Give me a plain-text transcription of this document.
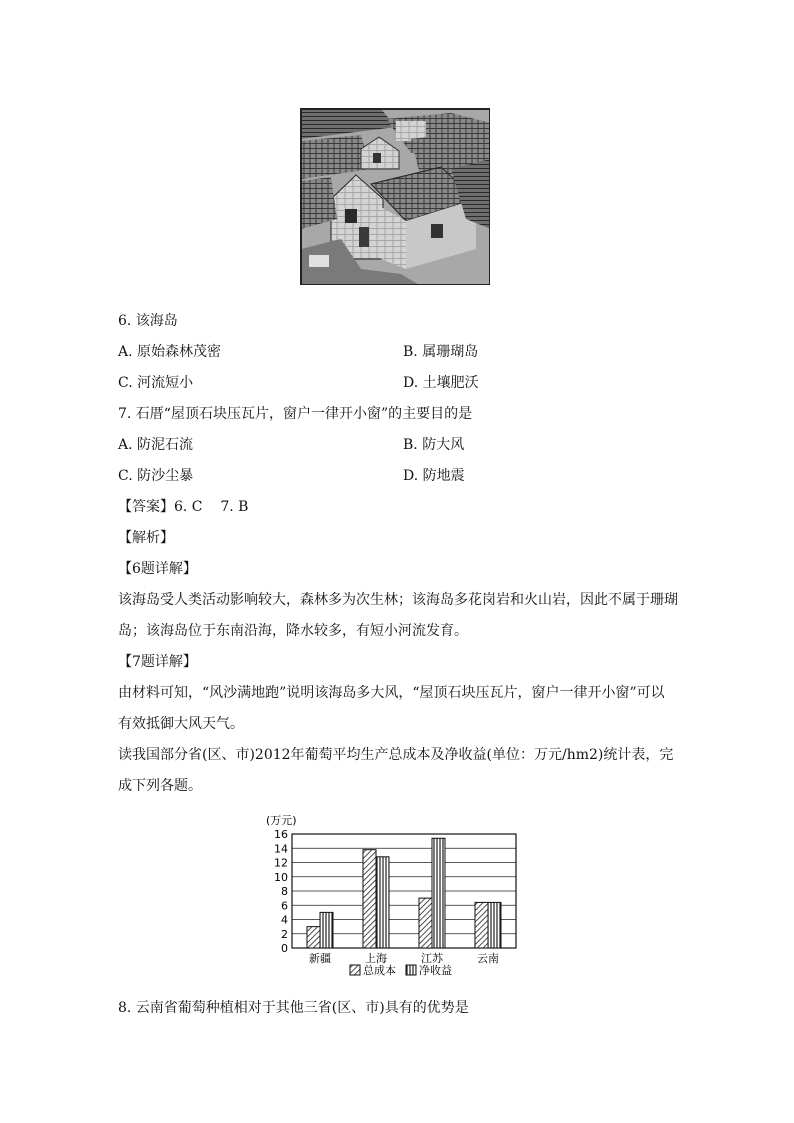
6. 该海岛
A. 原始森林茂密	B. 属珊瑚岛
C. 河流短小	D. 土壤肥沃
7. 石厝“屋顶石块压瓦片，窗户一律开小窗”的主要目的是
A. 防泥石流	B. 防大风
C. 防沙尘暴	D. 防地震
【答案】6. C    7. B
【解析】
【6题详解】
该海岛受人类活动影响较大，森林多为次生林；该海岛多花岗岩和火山岩，因此不属于珊瑚岛；该海岛位于东南沿海，降水较多，有短小河流发育。
【7题详解】
由材料可知，“风沙满地跑”说明该海岛多大风，“屋顶石块压瓦片，窗户一律开小窗”可以有效抵御大风天气。
读我国部分省(区、市)2012年葡萄平均生产总成本及净收益(单位：万元/hm2)统计表，完成下列各题。
0
2
4
6
8
10
12
14
16
(万元)
新疆	上海	江苏	云南
总成本 净收益
8. 云南省葡萄种植相对于其他三省(区、市)具有的优势是
